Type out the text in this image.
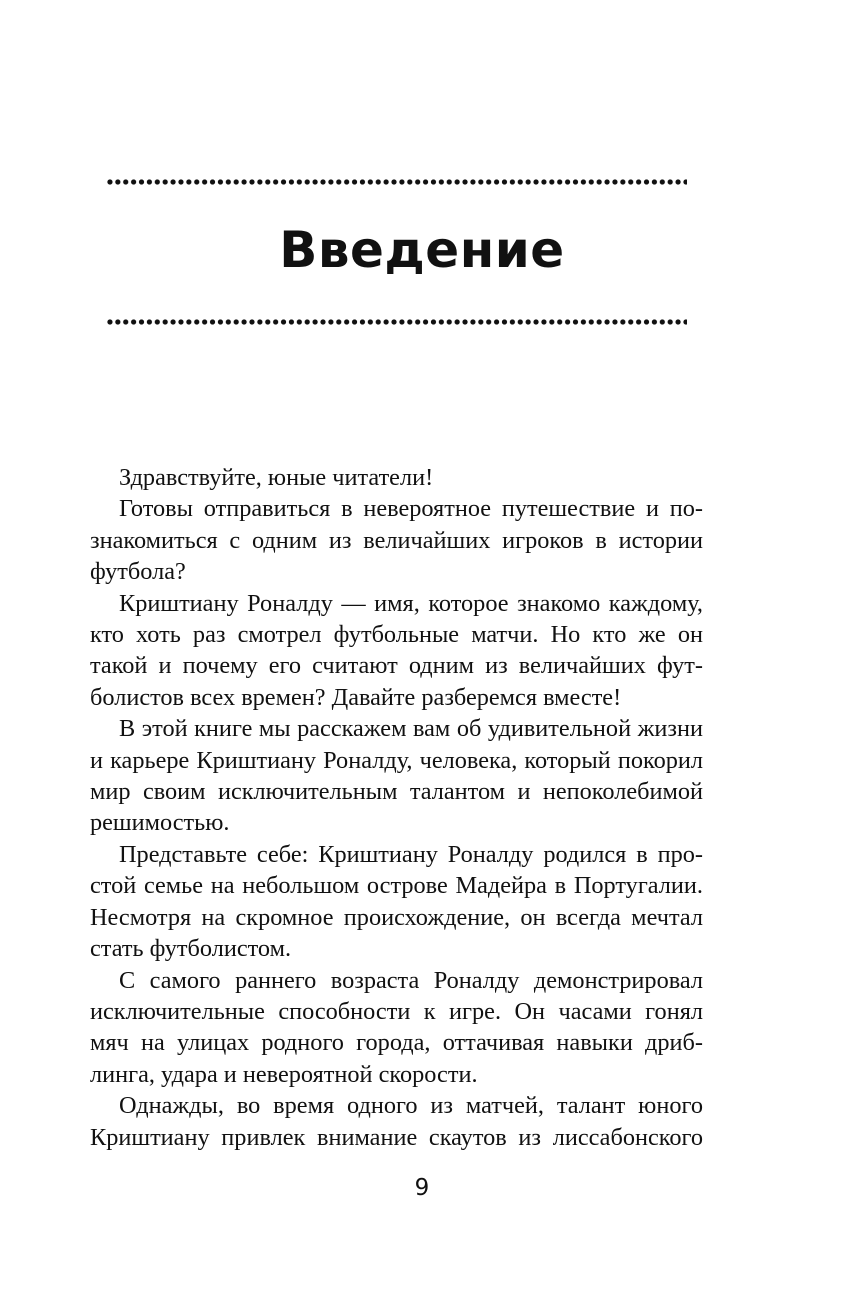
Введение

Здравствуйте, юные читатели!

Готовы отправиться в невероятное путешествие и познакомиться с одним из величайших игроков в истории футбола?

Криштиану Роналду — имя, которое знакомо каждому, кто хоть раз смотрел футбольные матчи. Но кто же он такой и почему его считают одним из величайших футболистов всех времен? Давайте разберемся вместе!

В этой книге мы расскажем вам об удивительной жизни и карьере Криштиану Роналду, человека, который покорил мир своим исключительным талантом и непоколебимой решимостью.

Представьте себе: Криштиану Роналду родился в простой семье на небольшом острове Мадейра в Португалии. Несмотря на скромное происхождение, он всегда мечтал стать футболистом.

С самого раннего возраста Роналду демонстрировал исключительные способности к игре. Он часами гонял мяч на улицах родного города, оттачивая навыки дриблинга, удара и невероятной скорости.

Однажды, во время одного из матчей, талант юного Криштиану привлек внимание скаутов из лиссабонского

9
